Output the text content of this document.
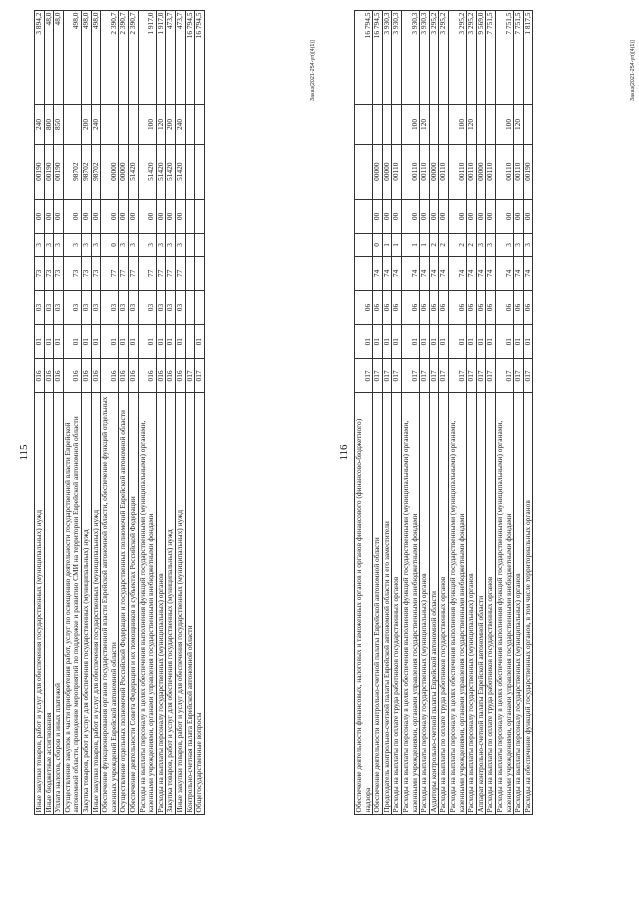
115
Иные закупки товаров, работ и услуг для обеспечения государственных (муниципальных) нужд	016	01	03	73	3	00	00190	240	3 894,2
Иные бюджетные ассигнования	016	01	03	73	3	00	00190	800	48,0
Уплата налогов, сборов и иных платежей	016	01	03	73	3	00	00190	850	48,0
Осуществление закупок в части приобретения работ, услуг по освещению деятельности государственной власти Еврейской автономной области, проведение мероприятий по поддержке и развитию СМИ на территории Еврейской автономной области	016	01	03	73	3	00	98702		498,0
Закупка товаров, работ и услуг для обеспечения государственных (муниципальных) нужд	016	01	03	73	3	00	98702	200	498,0
Иные закупки товаров, работ и услуг для обеспечения государственных (муниципальных) нужд	016	01	03	73	3	00	98702	240	498,0
Обеспечение функционирования органов государственной власти Еврейской автономной области, обеспечение функций отдельных казенных учреждений Еврейской автономной области	016	01	03	77	0	00	00000		2 390,7
Осуществление отдельных полномочий Российской Федерации и государственных полномочий Еврейской автономной области	016	01	03	77	3	00	00000		2 390,7
Обеспечение деятельности Совета Федерации и их помощников в субъектах Российской Федерации	016	01	03	77	3	00	51420		2 390,7
Расходы на выплаты персоналу в целях обеспечения выполнения функций государственными (муниципальными) органами, казенными учреждениями, органами управления государственными внебюджетными фондами	016	01	03	77	3	00	51420	100	1 917,0
Расходы на выплаты персоналу государственных (муниципальных) органов	016	01	03	77	3	00	51420	120	1 917,0
Закупка товаров, работ и услуг для обеспечения государственных (муниципальных) нужд	016	01	03	77	3	00	51420	200	473,7
Иные закупки товаров, работ и услуг для обеспечения государственных (муниципальных) нужд	016	01	03	77	3	00	51420	240	473,7
Контрольно-счетная палата Еврейской автономной области	017								16 794,5
Общегосударственные вопросы	017	01							16 794,5
Заказ(2021-254-уп)[4(1)]
116 Обеспечение деятельности финансовых, налоговых и таможенных органов и органов финансового (финансово-бюджетного) надзора	017	01	06						16 794,5
Обеспечение деятельности контрольно-счетной палаты Еврейской автономной области	017	01	06	74	0	00	00000		16 794,5
Председатель контрольно-счетной палаты Еврейской автономной области и его заместители	017	01	06	74	1	00	00000		3 930,3
Расходы на выплаты по оплате труда работников государственных органов	017	01	06	74	1	00	00110		3 930,3
Расходы на выплаты персоналу в целях обеспечения выполнения функций государственными (муниципальными) органами, казенными учреждениями, органами управления государственными внебюджетными фондами	017	01	06	74	1	00	00110	100	3 930,3
Расходы на выплаты персоналу государственных (муниципальных) органов	017	01	06	74	1	00	00110	120	3 930,3
Аудиторы контрольно-счетной палаты Еврейской автономной области	017	01	06	74	2	00	00000		3 295,2
Расходы на выплаты по оплате труда работников государственных органов	017	01	06	74	2	00	00110		3 295,2
Расходы на выплаты персоналу в целях обеспечения выполнения функций государственными (муниципальными) органами, казенными учреждениями, органами управления государственными внебюджетными фондами	017	01	06	74	2	00	00110	100	3 295,2
Расходы на выплаты персоналу государственных (муниципальных) органов	017	01	06	74	2	00	00110	120	3 295,2
Аппарат контрольно-счетной палаты Еврейской автономной области	017	01	06	74	3	00	00000		9 569,0
Расходы на выплаты по оплате труда работников государственных органов	017	01	06	74	3	00	00110		7 751,5
Расходы на выплаты персоналу в целях обеспечения выполнения функций государственными (муниципальными) органами, казенными учреждениями, органами управления государственными внебюджетными фондами	017	01	06	74	3	00	00110	100	7 751,5
Расходы на выплаты персоналу государственных (муниципальных) органов	017	01	06	74	3	00	00110	120	7 751,5
Расходы на обеспечение функций государственных органов, в том числе территориальных органов	017	01	06	74	3	00	00190		1 817,5
Заказ(2021-254-уп)[4(1)]
